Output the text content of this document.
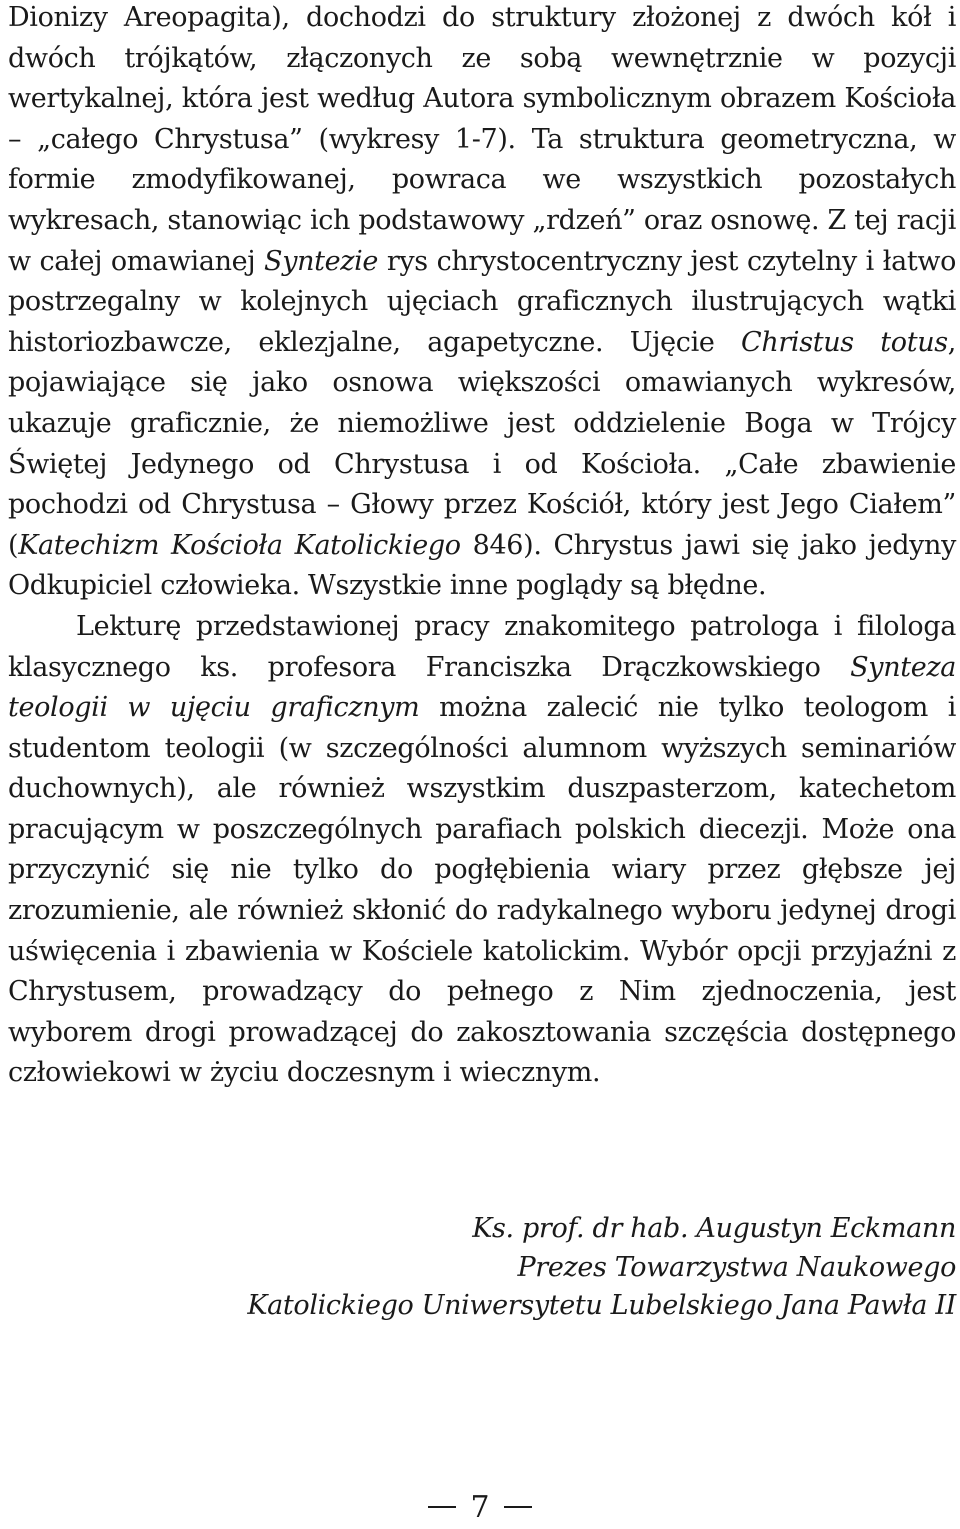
Dionizy Areopagita), dochodzi do struktury złożonej z dwóch kół i dwóch trójkątów, złączonych ze sobą wewnętrznie w pozycji wertykalnej, która jest według Autora symbolicznym obrazem Kościoła – „całego Chrystusa” (wykresy 1-7). Ta struktura geometryczna, w formie zmodyfikowanej, powraca we wszystkich pozostałych wykresach, stanowiąc ich podstawowy „rdzeń” oraz osnowę. Z tej racji w całej omawianej Syntezie rys chrystocentryczny jest czytelny i łatwo postrzegalny w kolejnych ujęciach graficznych ilustrujących wątki historiozbawcze, eklezjalne, agapetyczne. Ujęcie Christus totus, pojawiające się jako osnowa większości omawianych wykresów, ukazuje graficznie, że niemożliwe jest oddzielenie Boga w Trójcy Świętej Jedynego od Chrystusa i od Kościoła. „Całe zbawienie pochodzi od Chrystusa – Głowy przez Kościół, który jest Jego Ciałem” (Katechizm Kościoła Katolickiego 846). Chrystus jawi się jako jedyny Odkupiciel człowieka. Wszystkie inne poglądy są błędne.

Lekturę przedstawionej pracy znakomitego patrologa i filologa klasycznego ks. profesora Franciszka Drączkowskiego Synteza teologii w ujęciu graficznym można zalecić nie tylko teologom i studentom teologii (w szczególności alumnom wyższych seminariów duchownych), ale również wszystkim duszpasterzom, katechetom pracującym w poszczególnych parafiach polskich diecezji. Może ona przyczynić się nie tylko do pogłębienia wiary przez głębsze jej zrozumienie, ale również skłonić do radykalnego wyboru jedynej drogi uświęcenia i zbawienia w Kościele katolickim. Wybór opcji przyjaźni z Chrystusem, prowadzący do pełnego z Nim zjednoczenia, jest wyborem drogi prowadzącej do zakosztowania szczęścia dostępnego człowiekowi w życiu doczesnym i wiecznym.

Ks. prof. dr hab. Augustyn Eckmann
Prezes Towarzystwa Naukowego
Katolickiego Uniwersytetu Lubelskiego Jana Pawła II
7
